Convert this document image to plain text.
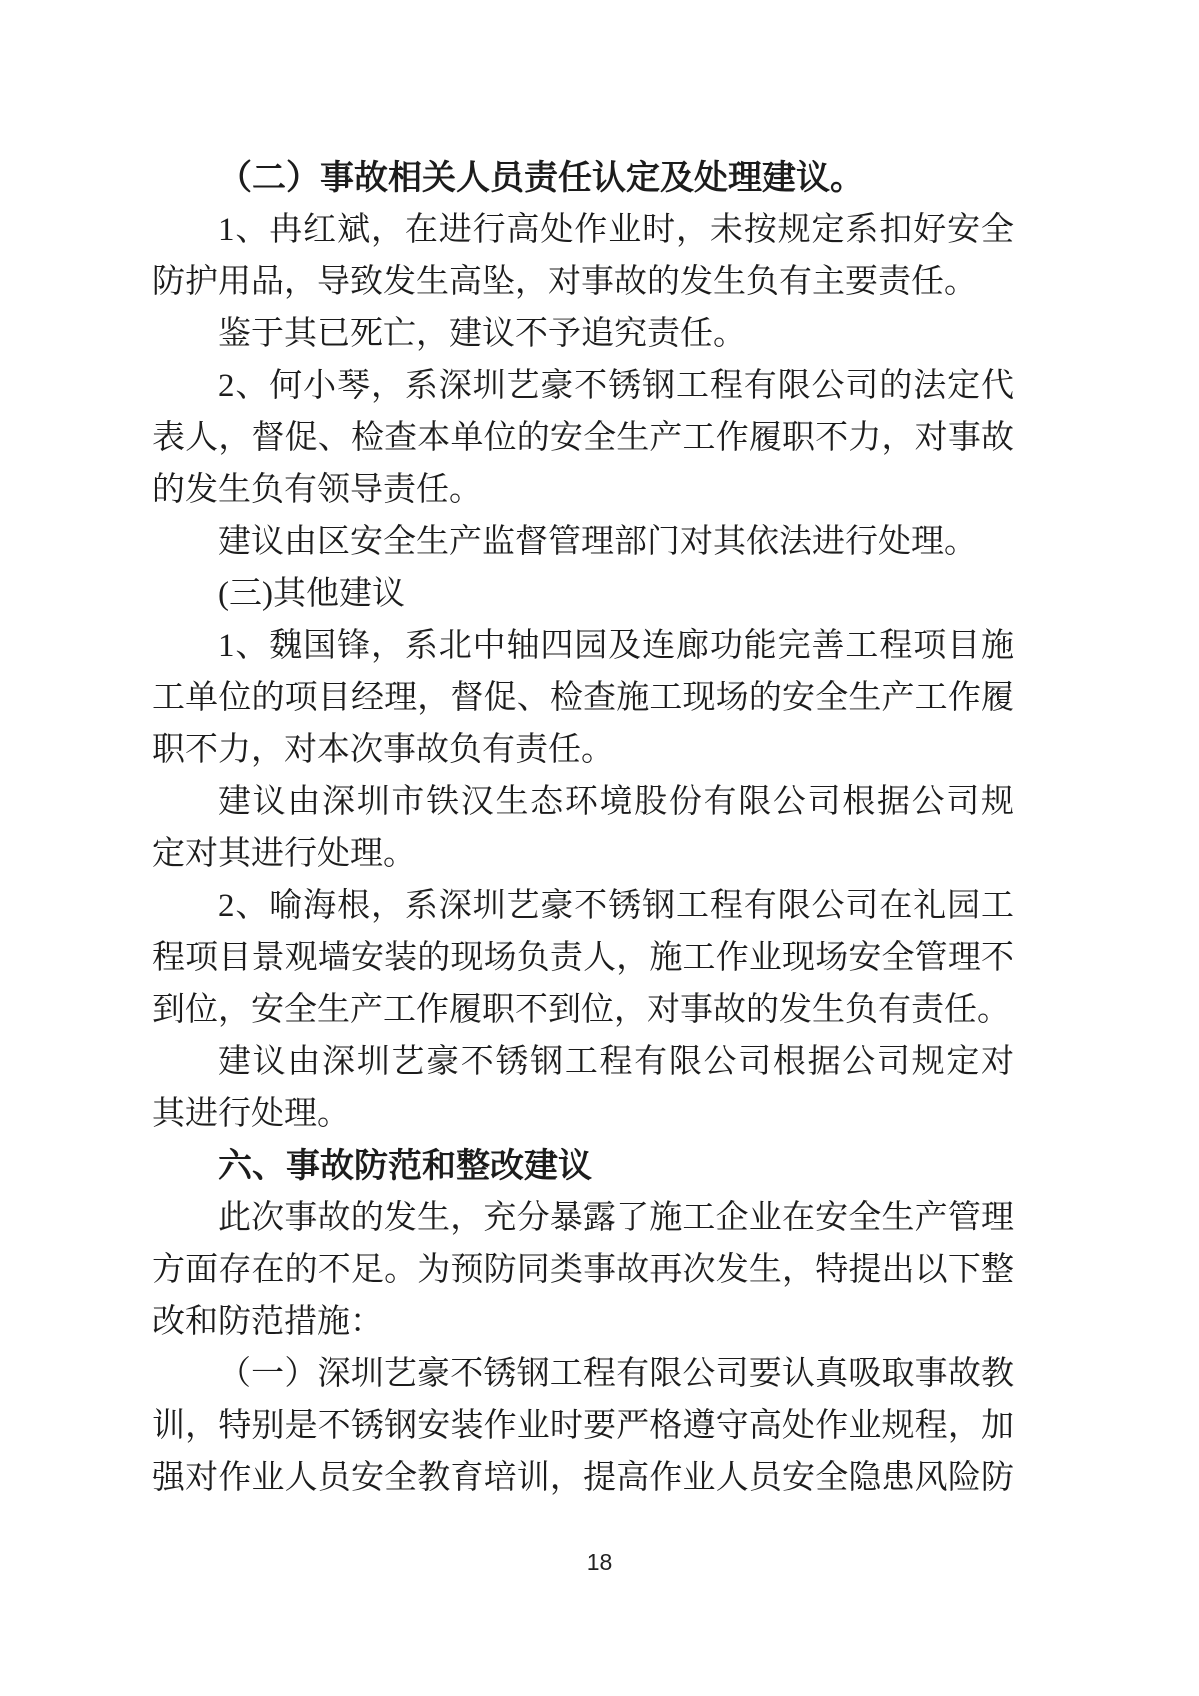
（二）事故相关人员责任认定及处理建议。
1、冉红斌，在进行高处作业时，未按规定系扣好安全
防护用品，导致发生高坠，对事故的发生负有主要责任。
鉴于其已死亡，建议不予追究责任。
2、何小琴，系深圳艺豪不锈钢工程有限公司的法定代
表人，督促、检查本单位的安全生产工作履职不力，对事故
的发生负有领导责任。
建议由区安全生产监督管理部门对其依法进行处理。
(三)其他建议
1、魏国锋，系北中轴四园及连廊功能完善工程项目施
工单位的项目经理，督促、检查施工现场的安全生产工作履
职不力，对本次事故负有责任。
建议由深圳市铁汉生态环境股份有限公司根据公司规
定对其进行处理。
2、喻海根，系深圳艺豪不锈钢工程有限公司在礼园工
程项目景观墙安装的现场负责人，施工作业现场安全管理不
到位，安全生产工作履职不到位，对事故的发生负有责任。
建议由深圳艺豪不锈钢工程有限公司根据公司规定对
其进行处理。
六、事故防范和整改建议
此次事故的发生，充分暴露了施工企业在安全生产管理
方面存在的不足。为预防同类事故再次发生，特提出以下整
改和防范措施：
（一）深圳艺豪不锈钢工程有限公司要认真吸取事故教
训，特别是不锈钢安装作业时要严格遵守高处作业规程，加
强对作业人员安全教育培训，提高作业人员安全隐患风险防
18
